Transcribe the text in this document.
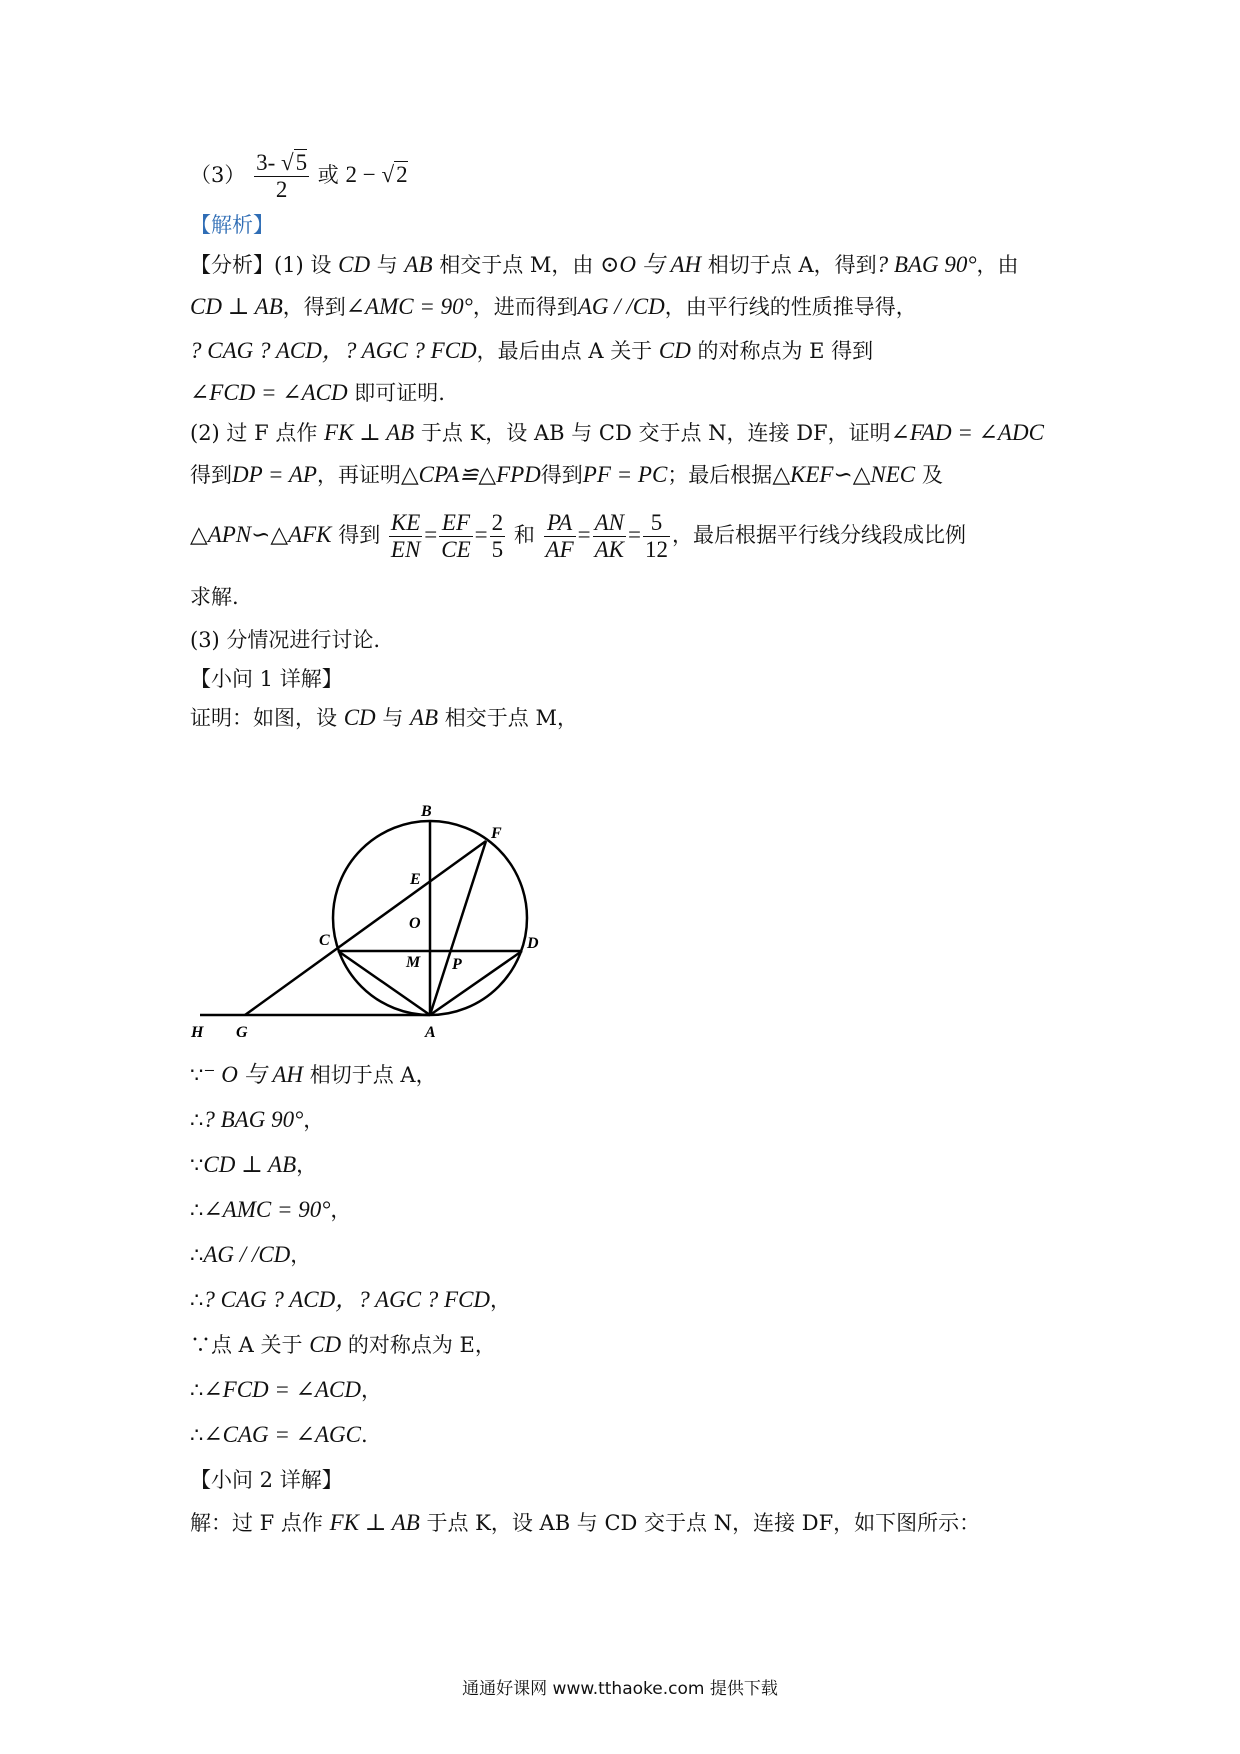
$(3) \frac{3- √5}{2}$ 或 2 − √2
【解析】
【分析】(1) 设 CD 与 AB 相交于点 M，由 ⊙O 与 AH 相切于点 A，得到? BAG 90°，由
CD ⊥ AB，得到∠AMC = 90°，进而得到AG / /CD，由平行线的性质推导得，
? CAG ? ACD，? AGC ? FCD，最后由点 A 关于 CD 的对称点为 E 得到
∠FCD = ∠ACD 即可证明.
(2) 过 F 点作 FK ⊥ AB 于点 K，设 AB 与 CD 交于点 N，连接 DF，证明∠FAD = ∠ADC
得到DP = AP，再证明△CPA≌△FPD得到PF = PC；最后根据△KEF∽△NEC 及
△APN∽△AFK 得到 $\frac{KE}{EN} = \frac{EF}{CE} = \frac{2}{5}$ 和 $\frac{PA}{AF} = \frac{AN}{AK} = \frac{5}{12}$ ，最后根据平行线分线段成比例
求解.
(3) 分情况进行讨论.
【小问 1 详解】
证明：如图，设 CD 与 AB 相交于点 M，
B
F
E
O
C	D
M P
H G	A
∵⁻ O 与 AH 相切于点 A，
∴? BAG 90°，
∵CD ⊥ AB，
∴∠AMC = 90°，
∴AG / /CD，
∴? CAG ? ACD，? AGC ? FCD，
∵点 A 关于 CD 的对称点为 E，
∴∠FCD = ∠ACD，
∴∠CAG = ∠AGC.
【小问 2 详解】
解：过 F 点作 FK ⊥ AB 于点 K，设 AB 与 CD 交于点 N，连接 DF，如下图所示：
通通好课网 www.tthaoke.com 提供下载
